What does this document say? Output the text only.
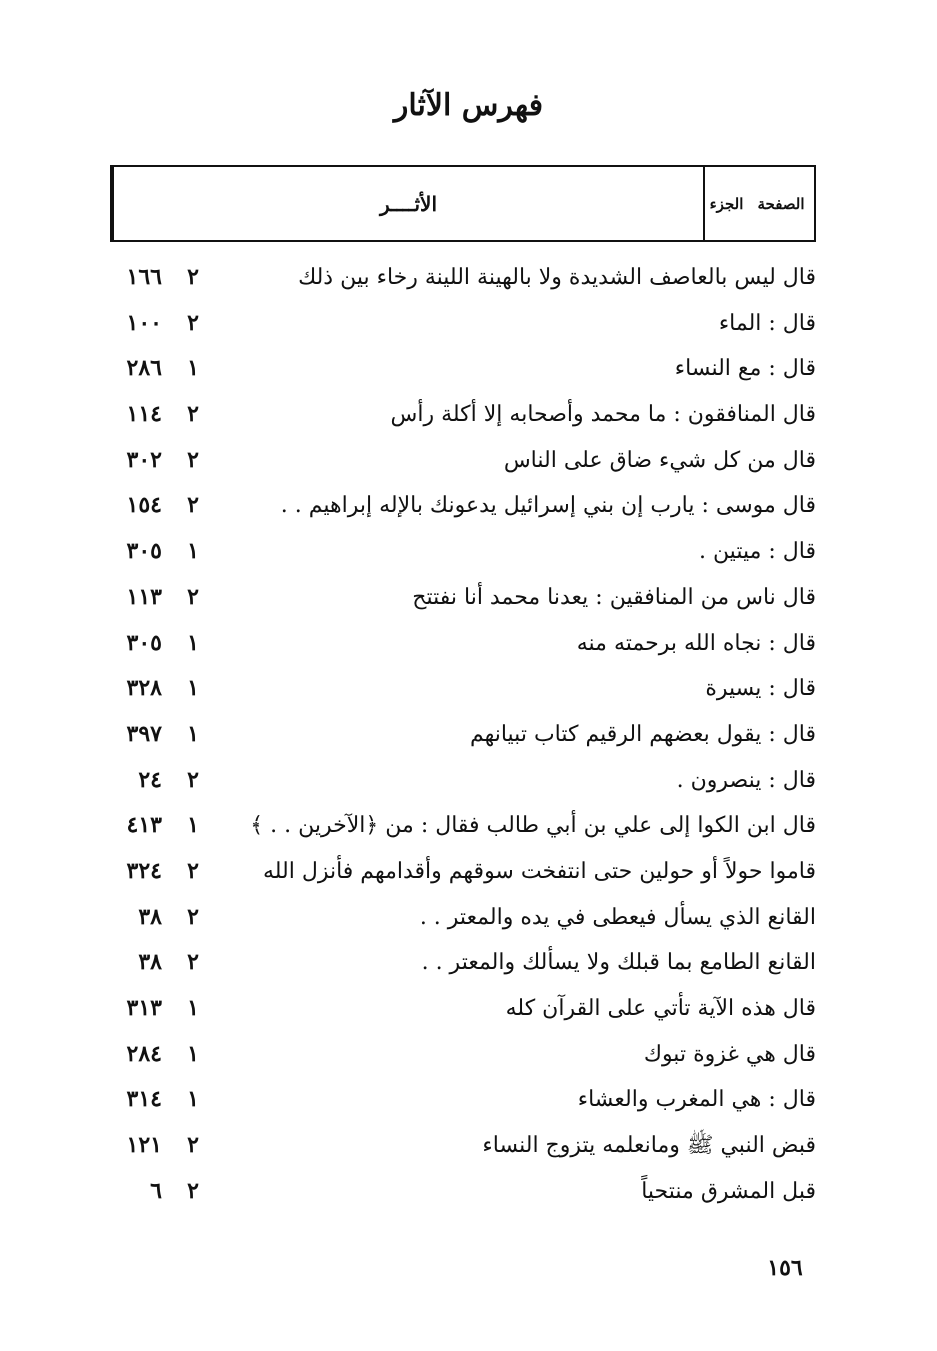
فهرس الآثار
الأثــــر	الجزء الصفحة
قال ليس بالعاصف الشديدة ولا بالهينة اللينة رخاء بين ذلك
٢
١٦٦
قال : الماء
٢
١٠٠
قال : مع النساء
١
٢٨٦
قال المنافقون : ما محمد وأصحابه إلا أكلة رأس
٢
١١٤
قال من كل شيء ضاق على الناس
٢
٣٠٢
قال موسى : يارب إن بني إسرائيل يدعونك بالإله إبراهيم . .
٢
١٥٤
قال : ميتين .
١
٣٠٥
قال ناس من المنافقين : يعدنا محمد أنا نفتتح
٢
١١٣
قال : نجاه الله برحمته منه
١
٣٠٥
قال : يسيرة
١
٣٢٨
قال : يقول بعضهم الرقيم كتاب تبيانهم
١
٣٩٧
قال : ينصرون .
٢
٢٤
قال ابن الكوا إلى علي بن أبي طالب فقال : من ﴿الآخرين . . ﴾
١
٤١٣
قاموا حولاً أو حولين حتى انتفخت سوقهم وأقدامهم فأنزل الله
٢
٣٢٤
القانع الذي يسأل فيعطى في يده والمعتر . .
٢
٣٨
القانع الطامع بما قبلك ولا يسألك والمعتر . .
٢
٣٨
قال هذه الآية تأتي على القرآن كله
١
٣١٣
قال هي غزوة تبوك
١
٢٨٤
قال : هي المغرب والعشاء
١
٣١٤
قبض النبي ﷺ ومانعلمه يتزوج النساء
٢
١٢١
قبل المشرق منتحياً
٢
٦
١٥٦
